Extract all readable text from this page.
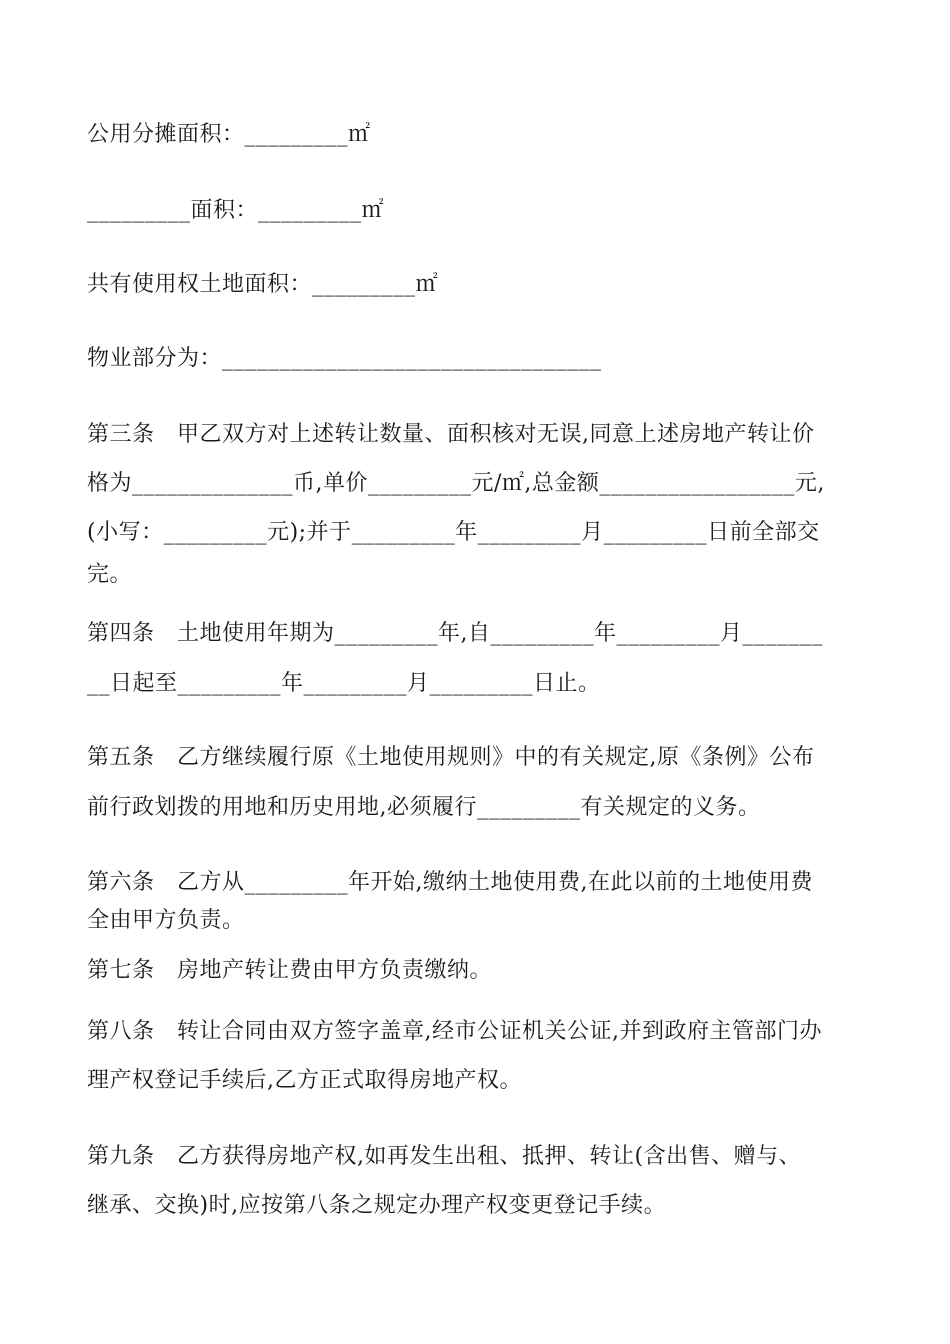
公用分摊面积：_________㎡
_________面积：_________㎡
共有使用权土地面积：_________㎡
物业部分为：_________________________________
第三条　甲乙双方对上述转让数量、面积核对无误,同意上述房地产转让价
格为______________币,单价_________元/㎡,总金额_________________元,
(小写：_________元);并于_________年_________月_________日前全部交
完。
第四条　土地使用年期为_________年,自_________年_________月_______
__日起至_________年_________月_________日止。
第五条　乙方继续履行原《土地使用规则》中的有关规定,原《条例》公布
前行政划拨的用地和历史用地,必须履行_________有关规定的义务。
第六条　乙方从_________年开始,缴纳土地使用费,在此以前的土地使用费
全由甲方负责。
第七条　房地产转让费由甲方负责缴纳。
第八条　转让合同由双方签字盖章,经市公证机关公证,并到政府主管部门办
理产权登记手续后,乙方正式取得房地产权。
第九条　乙方获得房地产权,如再发生出租、抵押、转让(含出售、赠与、
继承、交换)时,应按第八条之规定办理产权变更登记手续。
